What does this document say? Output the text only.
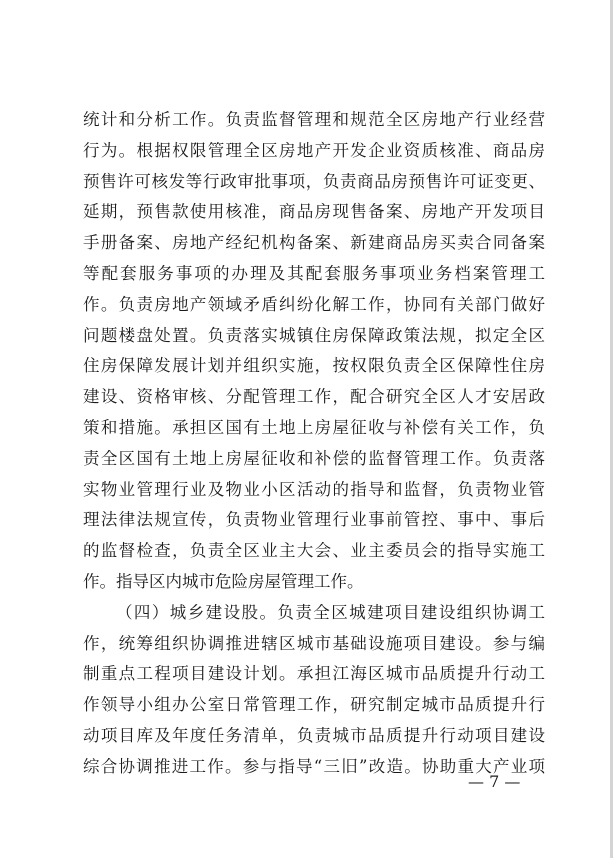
统计和分析工作。负责监督管理和规范全区房地产行业经营
行为。根据权限管理全区房地产开发企业资质核准、商品房
预售许可核发等行政审批事项，负责商品房预售许可证变更、
延期，预售款使用核准，商品房现售备案、房地产开发项目
手册备案、房地产经纪机构备案、新建商品房买卖合同备案
等配套服务事项的办理及其配套服务事项业务档案管理工
作。负责房地产领域矛盾纠纷化解工作，协同有关部门做好
问题楼盘处置。负责落实城镇住房保障政策法规，拟定全区
住房保障发展计划并组织实施，按权限负责全区保障性住房
建设、资格审核、分配管理工作，配合研究全区人才安居政
策和措施。承担区国有土地上房屋征收与补偿有关工作，负
责全区国有土地上房屋征收和补偿的监督管理工作。负责落
实物业管理行业及物业小区活动的指导和监督，负责物业管
理法律法规宣传，负责物业管理行业事前管控、事中、事后
的监督检查，负责全区业主大会、业主委员会的指导实施工
作。指导区内城市危险房屋管理工作。
（四）城乡建设股。负责全区城建项目建设组织协调工
作，统筹组织协调推进辖区城市基础设施项目建设。参与编
制重点工程项目建设计划。承担江海区城市品质提升行动工
作领导小组办公室日常管理工作，研究制定城市品质提升行
动项目库及年度任务清单，负责城市品质提升行动项目建设
综合协调推进工作。参与指导“三旧”改造。协助重大产业项
— 7 —
